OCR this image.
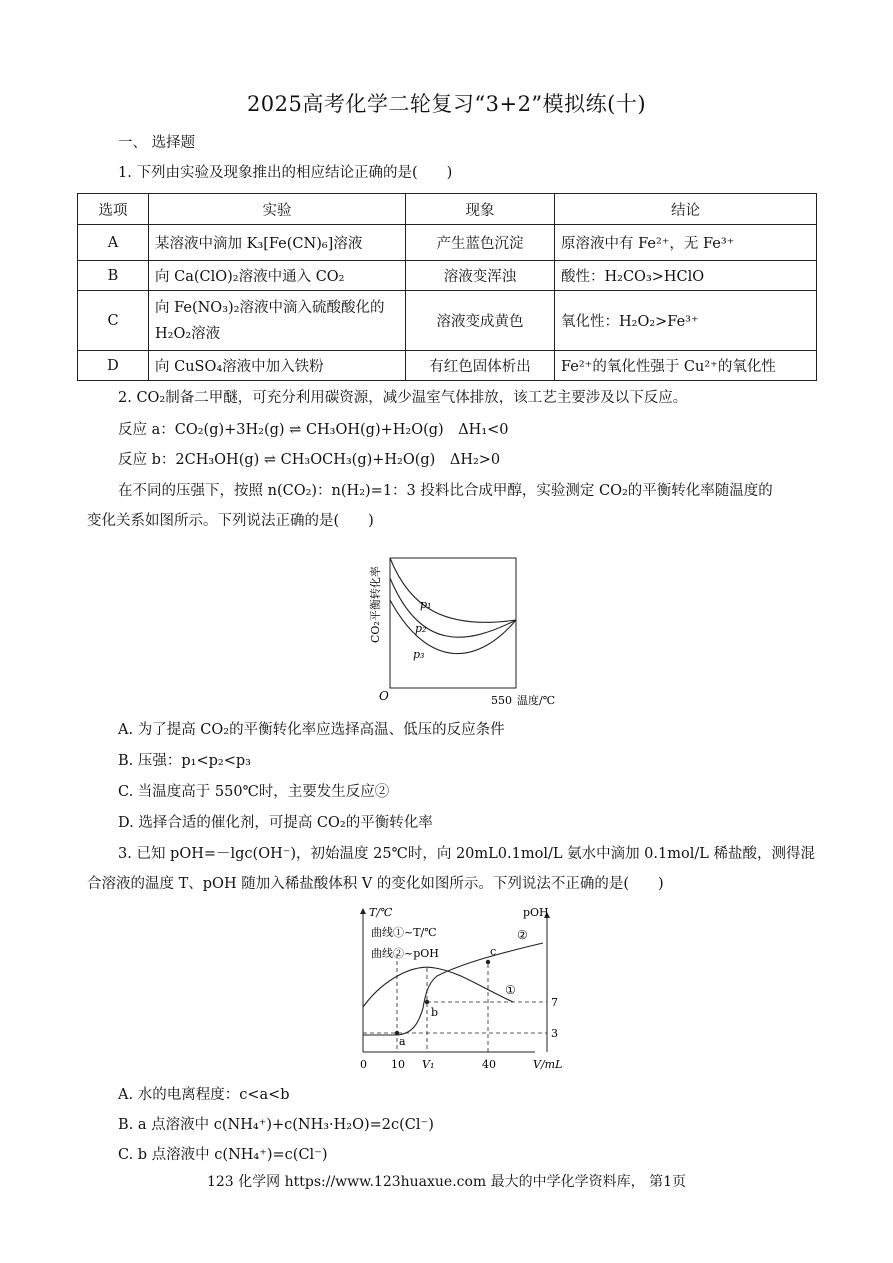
2025高考化学二轮复习“3+2”模拟练(十)
一、 选择题
1. 下列由实验及现象推出的相应结论正确的是(　　)
选项	实验	现象	结论
A	某溶液中滴加 K₃[Fe(CN)₆]溶液	产生蓝色沉淀	原溶液中有 Fe²⁺，无 Fe³⁺
B	向 Ca(ClO)₂溶液中通入 CO₂	溶液变浑浊	酸性：H₂CO₃>HClO
C	向 Fe(NO₃)₂溶液中滴入硫酸酸化的 H₂O₂溶液	溶液变成黄色	氧化性：H₂O₂>Fe³⁺
D	向 CuSO₄溶液中加入铁粉	有红色固体析出	Fe²⁺的氧化性强于 Cu²⁺的氧化性
2. CO₂制备二甲醚，可充分利用碳资源，减少温室气体排放，该工艺主要涉及以下反应。
反应 a：CO₂(g)+3H₂(g) ⇌ CH₃OH(g)+H₂O(g)　ΔH₁<0
反应 b：2CH₃OH(g) ⇌ CH₃OCH₃(g)+H₂O(g)　ΔH₂>0
在不同的压强下，按照 n(CO₂)：n(H₂)=1：3 投料比合成甲醇，实验测定 CO₂的平衡转化率随温度的
变化关系如图所示。下列说法正确的是(　　)
p₁
p₂
p₃
O	550 温度/℃
CO₂平衡转化率
A. 为了提高 CO₂的平衡转化率应选择高温、低压的反应条件
B. 压强：p₁<p₂<p₃
C. 当温度高于 550℃时，主要发生反应②
D. 选择合适的催化剂，可提高 CO₂的平衡转化率
3. 已知 pOH=－lgc(OH⁻)，初始温度 25℃时，向 20mL0.1mol/L 氨水中滴加 0.1mol/L 稀盐酸，测得混
合溶液的温度 T、pOH 随加入稀盐酸体积 V 的变化如图所示。下列说法不正确的是(　　)
T/℃	pOH
曲线①~T/℃
曲线②~pOH
a
b
c
②
①
7
3
0 10 V₁	40	V/mL
A. 水的电离程度：c<a<b
B. a 点溶液中 c(NH₄⁺)+c(NH₃·H₂O)=2c(Cl⁻)
C. b 点溶液中 c(NH₄⁺)=c(Cl⁻)
123 化学网 https://www.123huaxue.com 最大的中学化学资料库， 第1页
